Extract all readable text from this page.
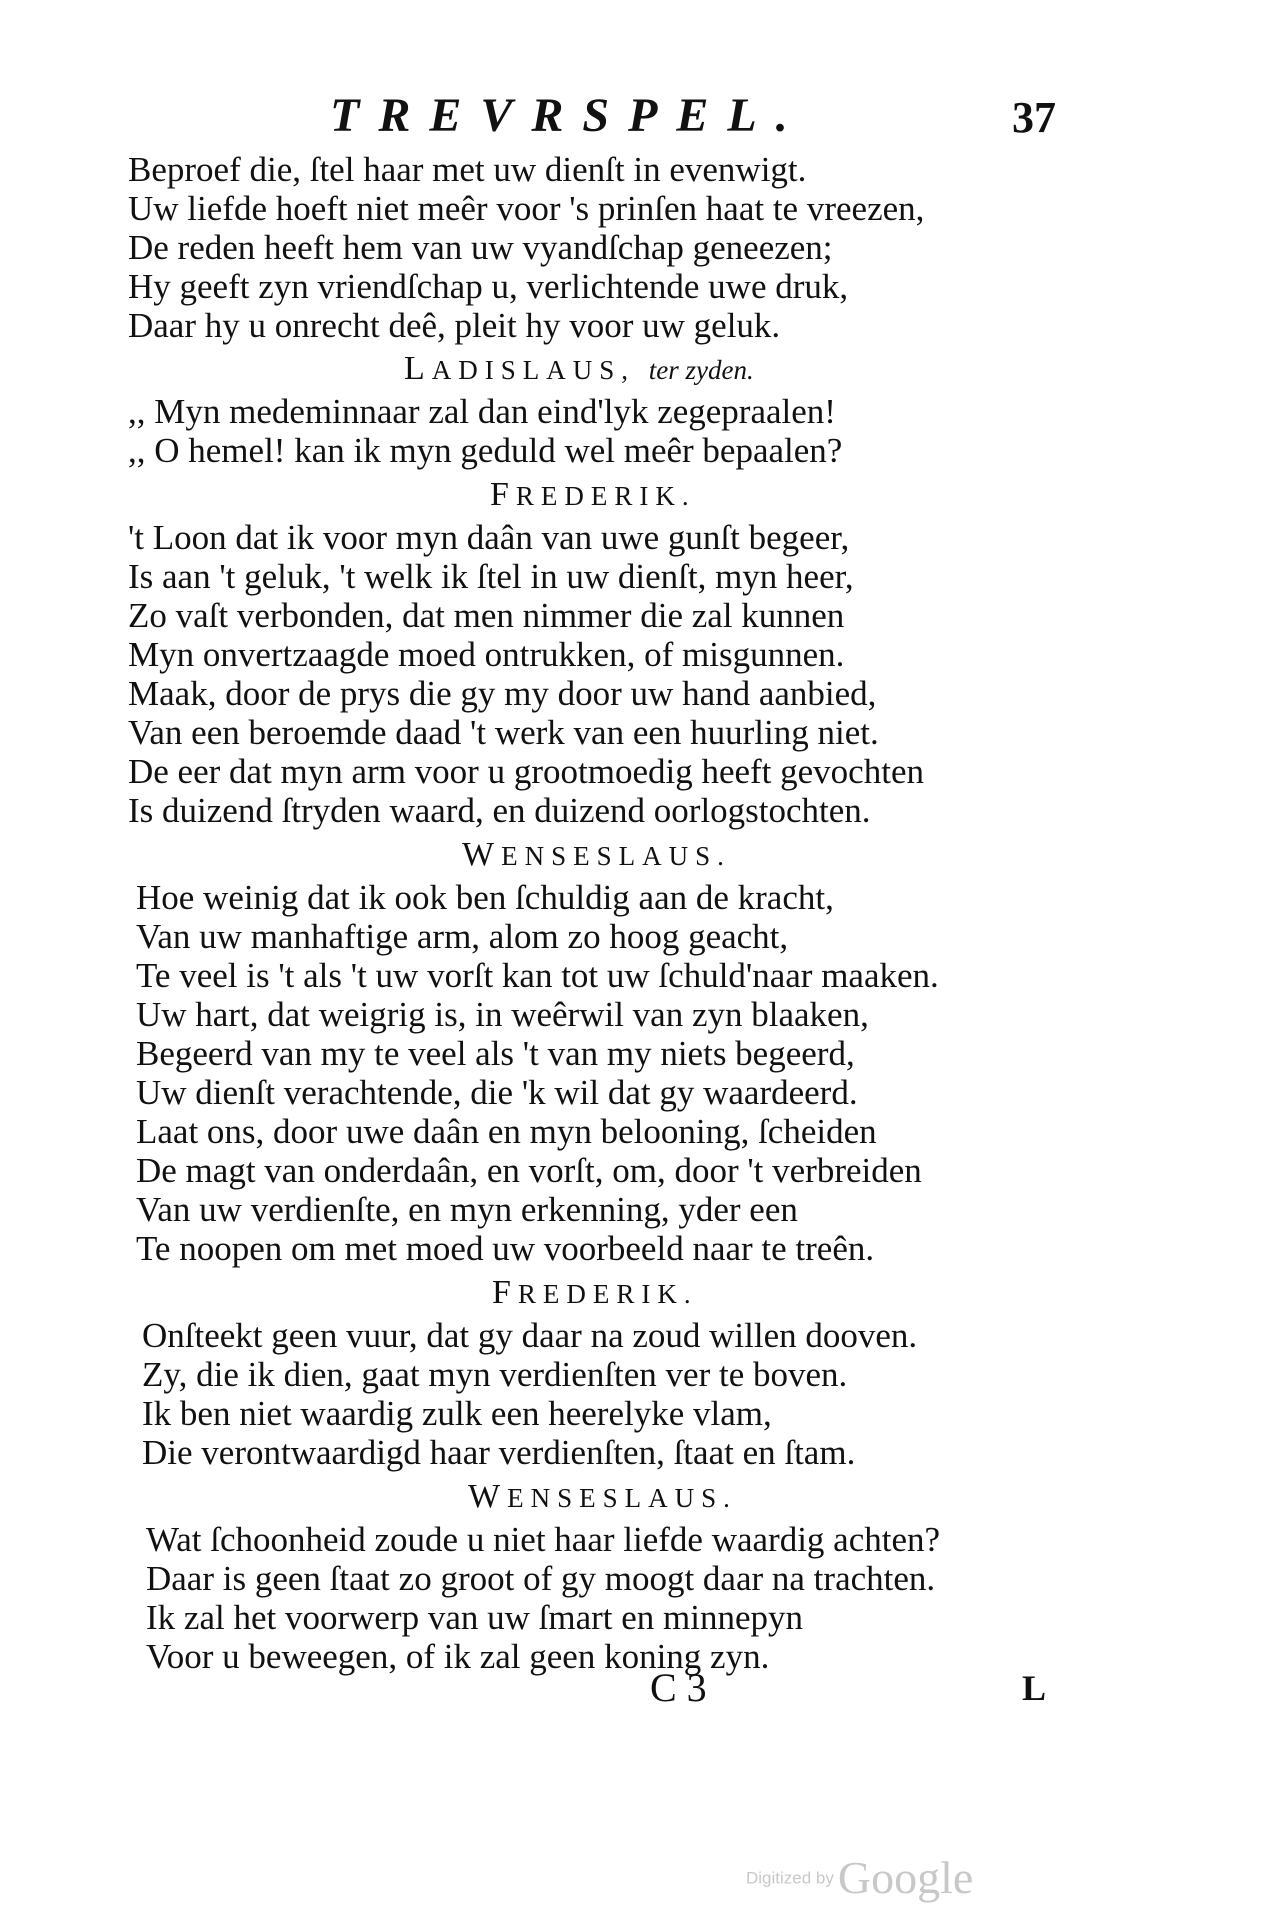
TREVRSPEL.	37
Beproef die, ſtel haar met uw dienſt in evenwigt.
Uw liefde hoeft niet meêr voor 's prinſen haat te vreezen,
De reden heeft hem van uw vyandſchap geneezen;
Hy geeft zyn vriendſchap u, verlichtende uwe druk,
Daar hy u onrecht deê, pleit hy voor uw geluk.
LADISLAUS, ter zyden.
,, Myn medeminnaar zal dan eind'lyk zegepraalen!
,, O hemel! kan ik myn geduld wel meêr bepaalen?
FREDERIK.
't Loon dat ik voor myn daân van uwe gunſt begeer,
Is aan 't geluk, 't welk ik ſtel in uw dienſt, myn heer,
Zo vaſt verbonden, dat men nimmer die zal kunnen
Myn onvertzaagde moed ontrukken, of misgunnen.
Maak, door de prys die gy my door uw hand aanbied,
Van een beroemde daad 't werk van een huurling niet.
De eer dat myn arm voor u grootmoedig heeft gevochten
Is duizend ſtryden waard, en duizend oorlogstochten.
WENSESLAUS.
Hoe weinig dat ik ook ben ſchuldig aan de kracht,
Van uw manhaftige arm, alom zo hoog geacht,
Te veel is 't als 't uw vorſt kan tot uw ſchuld'naar maaken.
Uw hart, dat weigrig is, in weêrwil van zyn blaaken,
Begeerd van my te veel als 't van my niets begeerd,
Uw dienſt verachtende, die 'k wil dat gy waardeerd.
Laat ons, door uwe daân en myn belooning, ſcheiden
De magt van onderdaân, en vorſt, om, door 't verbreiden
Van uw verdienſte, en myn erkenning, yder een
Te noopen om met moed uw voorbeeld naar te treên.
FREDERIK.
Onſteekt geen vuur, dat gy daar na zoud willen dooven.
Zy, die ik dien, gaat myn verdienſten ver te boven.
Ik ben niet waardig zulk een heerelyke vlam,
Die verontwaardigd haar verdienſten, ſtaat en ſtam.
WENSESLAUS.
Wat ſchoonheid zoude u niet haar liefde waardig achten?
Daar is geen ſtaat zo groot of gy moogt daar na trachten.
Ik zal het voorwerp van uw ſmart en minnepyn
Voor u beweegen, of ik zal geen koning zyn.
C 3	L
Digitized byGoogle
